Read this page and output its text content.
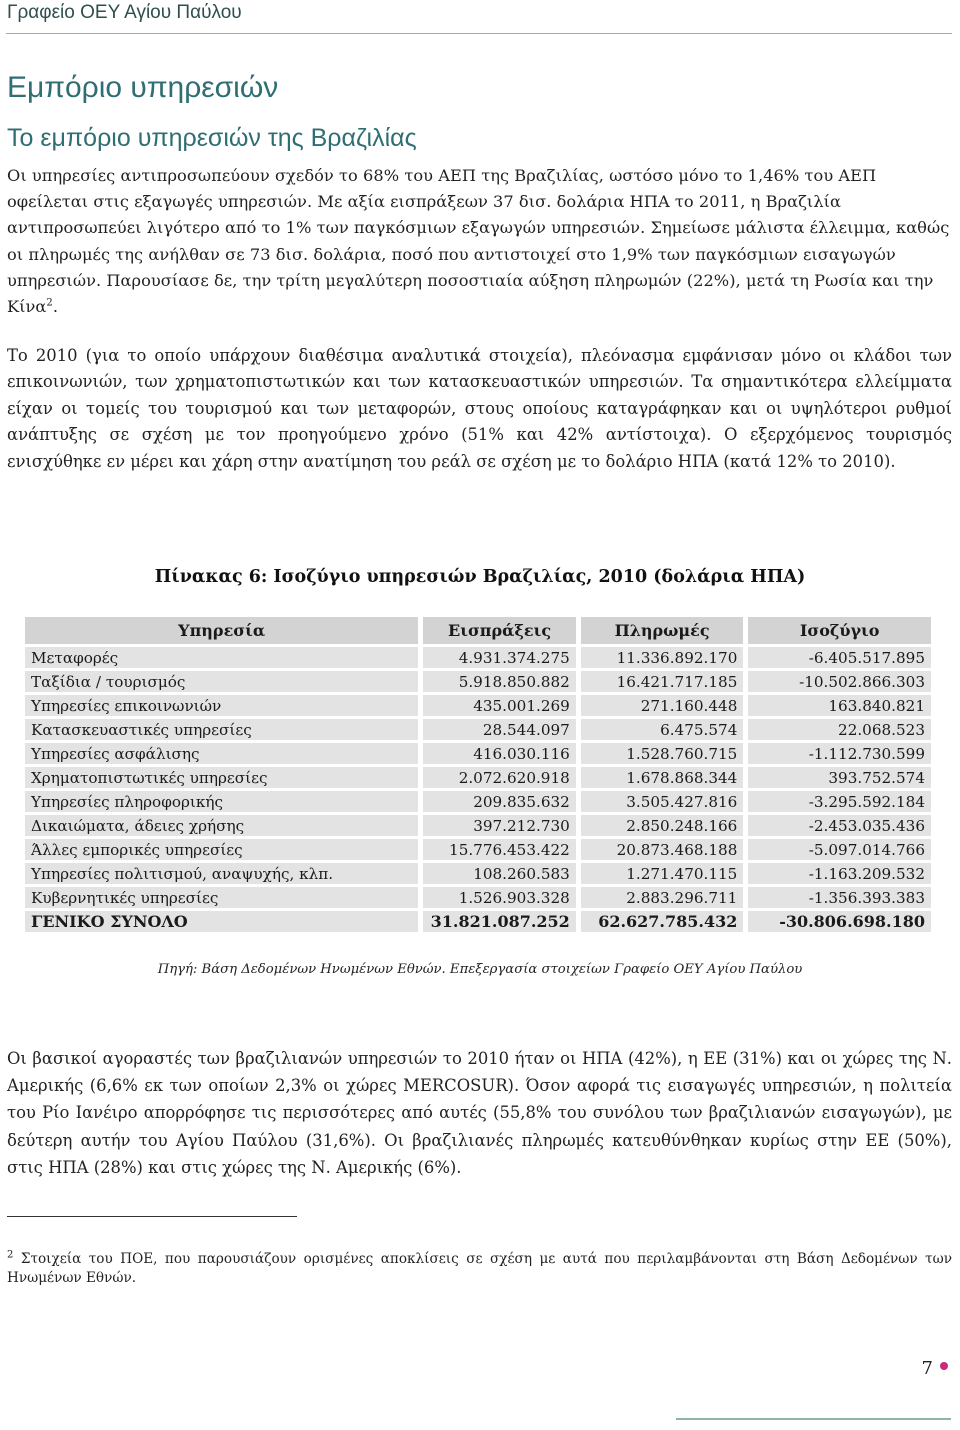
Γραφείο ΟΕΥ Αγίου Παύλου
Εμπόριο υπηρεσιών
Το εμπόριο υπηρεσιών της Βραζιλίας

Οι υπηρεσίες αντιπροσωπεύουν σχεδόν το 68% του ΑΕΠ της Βραζιλίας, ωστόσο μόνο το 1,46% του ΑΕΠ οφείλεται στις εξαγωγές υπηρεσιών. Με αξία εισπράξεων 37 δισ. δολάρια ΗΠΑ το 2011, η Βραζιλία αντιπροσωπεύει λιγότερο από το 1% των παγκόσμιων εξαγωγών υπηρεσιών. Σημείωσε μάλιστα έλλειμμα, καθώς οι πληρωμές της ανήλθαν σε 73 δισ. δολάρια, ποσό που αντιστοιχεί στο 1,9% των παγκόσμιων εισαγωγών υπηρεσιών. Παρουσίασε δε, την τρίτη μεγαλύτερη ποσοστιαία αύξηση πληρωμών (22%), μετά τη Ρωσία και την Κίνα$^2$.

Το 2010 (για το οποίο υπάρχουν διαθέσιμα αναλυτικά στοιχεία), πλεόνασμα εμφάνισαν μόνο οι κλάδοι των επικοινωνιών, των χρηματοπιστωτικών και των κατασκευαστικών υπηρεσιών. Τα σημαντικότερα ελλείμματα είχαν οι τομείς του τουρισμού και των μεταφορών, στους οποίους καταγράφηκαν και οι υψηλότεροι ρυθμοί ανάπτυξης σε σχέση με τον προηγούμενο χρόνο (51% και 42% αντίστοιχα). Ο εξερχόμενος τουρισμός ενισχύθηκε εν μέρει και χάρη στην ανατίμηση του ρεάλ σε σχέση με το δολάριο ΗΠΑ (κατά 12% το 2010).

Πίνακας 6: Ισοζύγιο υπηρεσιών Βραζιλίας, 2010 (δολάρια ΗΠΑ)
Υπηρεσία		Εισπράξεις		Πληρωμές		Ισοζύγιο
Μεταφορές		4.931.374.275		11.336.892.170		-6.405.517.895
Ταξίδια / τουρισμός		5.918.850.882		16.421.717.185		-10.502.866.303
Υπηρεσίες επικοινωνιών		435.001.269		271.160.448		163.840.821
Κατασκευαστικές υπηρεσίες		28.544.097		6.475.574		22.068.523
Υπηρεσίες ασφάλισης		416.030.116		1.528.760.715		-1.112.730.599
Χρηματοπιστωτικές υπηρεσίες		2.072.620.918		1.678.868.344		393.752.574
Υπηρεσίες πληροφορικής		209.835.632		3.505.427.816		-3.295.592.184
Δικαιώματα, άδειες χρήσης		397.212.730		2.850.248.166		-2.453.035.436
Άλλες εμπορικές υπηρεσίες		15.776.453.422		20.873.468.188		-5.097.014.766
Υπηρεσίες πολιτισμού, αναψυχής, κλπ.		108.260.583		1.271.470.115		-1.163.209.532
Κυβερνητικές υπηρεσίες		1.526.903.328		2.883.296.711		-1.356.393.383
ΓΕΝΙΚΟ ΣΥΝΟΛΟ		31.821.087.252		62.627.785.432		-30.806.698.180
Πηγή: Βάση Δεδομένων Ηνωμένων Εθνών. Επεξεργασία στοιχείων Γραφείο ΟΕΥ Αγίου Παύλου

Οι βασικοί αγοραστές των βραζιλιανών υπηρεσιών το 2010 ήταν οι ΗΠΑ (42%), η ΕΕ (31%) και οι χώρες της Ν. Αμερικής (6,6% εκ των οποίων 2,3% οι χώρες MERCOSUR). Όσον αφορά τις εισαγωγές υπηρεσιών, η πολιτεία του Ρίο Ιανέιρο απορρόφησε τις περισσότερες από αυτές (55,8% του συνόλου των βραζιλιανών εισαγωγών), με δεύτερη αυτήν του Αγίου Παύλου (31,6%). Οι βραζιλιανές πληρωμές κατευθύνθηκαν κυρίως στην ΕΕ (50%), στις ΗΠΑ (28%) και στις χώρες της Ν. Αμερικής (6%).

$^2$ Στοιχεία του ΠΟΕ, που παρουσιάζουν ορισμένες αποκλίσεις σε σχέση με αυτά που περιλαμβάνονται στη Βάση Δεδομένων των Ηνωμένων Εθνών.
7
